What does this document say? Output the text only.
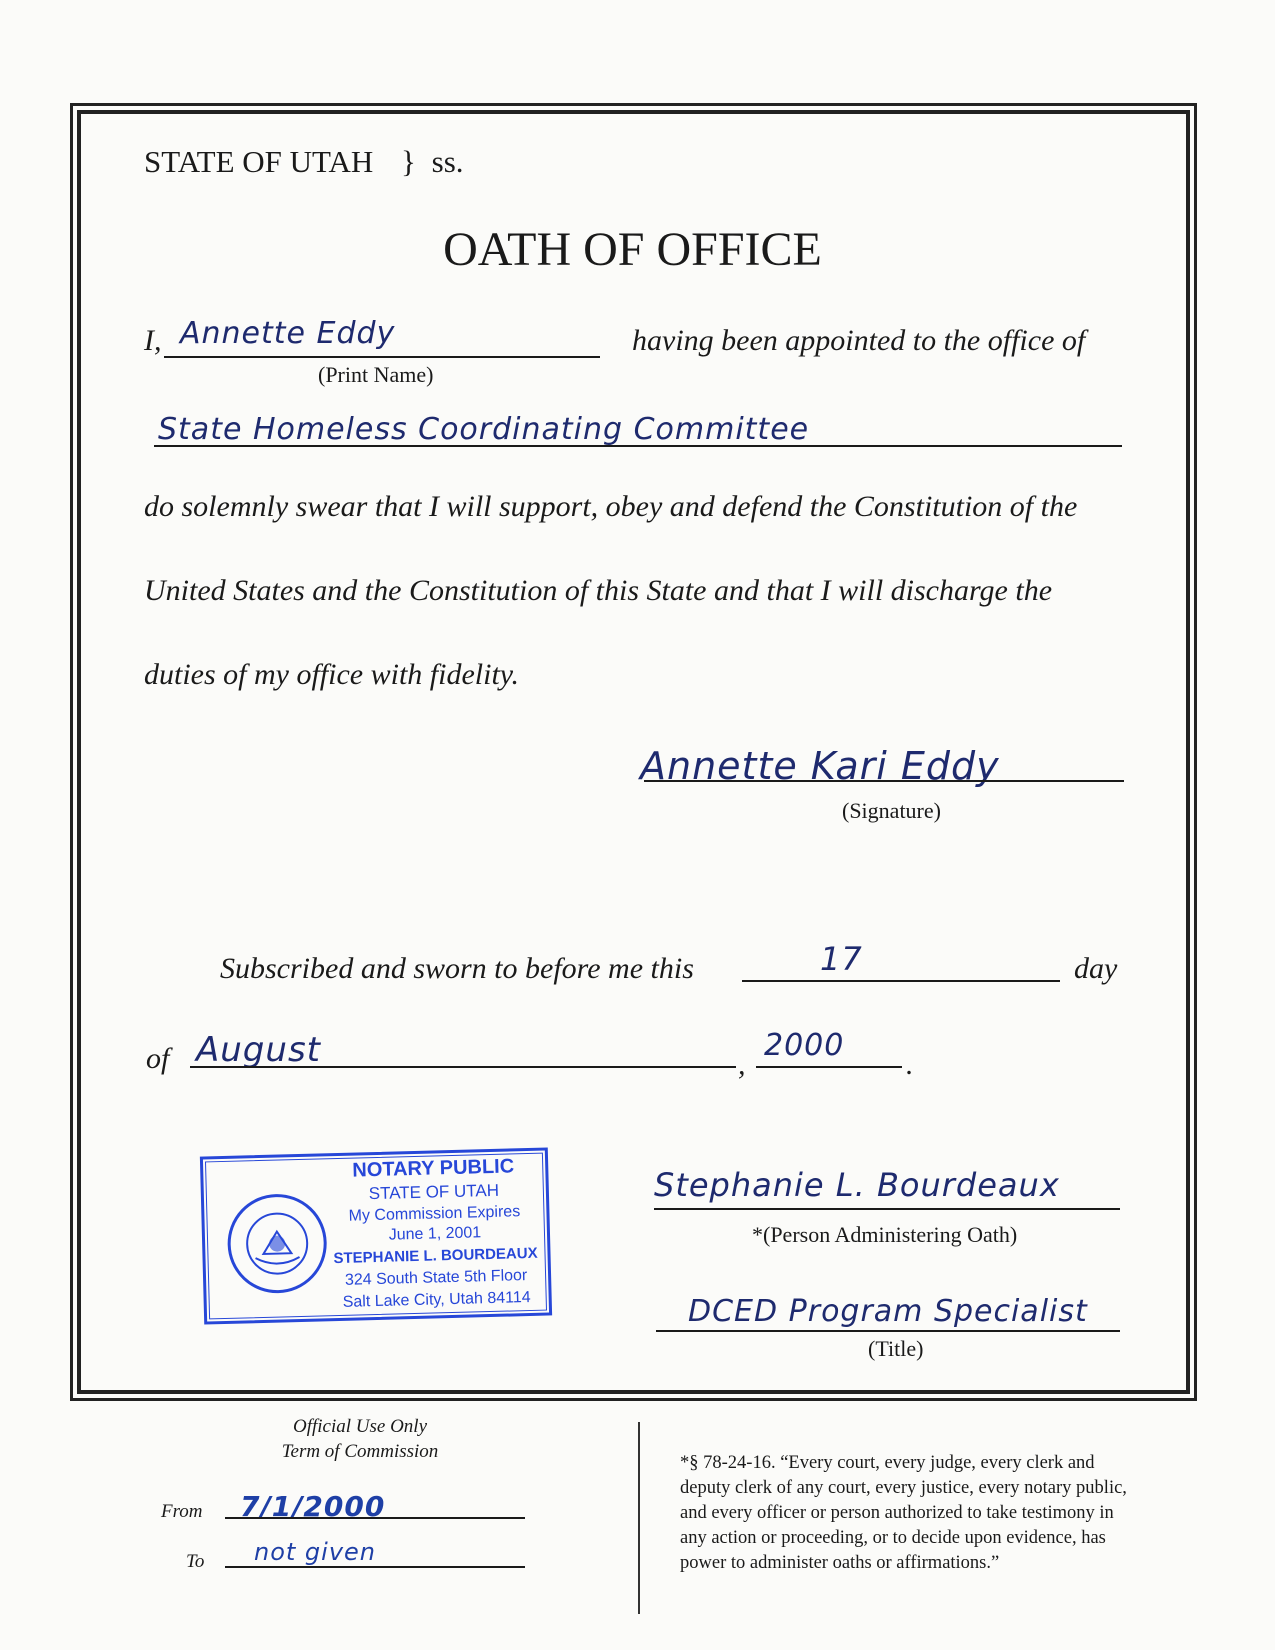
STATE OF UTAH } ss.
OATH OF OFFICE
I, Annette Eddy
(Print Name)
having been appointed to the office of
State Homeless Coordinating Committee
do solemnly swear that I will support, obey and defend the Constitution of the
United States and the Constitution of this State and that I will discharge the
duties of my office with fidelity.
Annette Kari Eddy
(Signature)
Subscribed and sworn to before me this	17	day
of August	,
2000
.
NOTARY PUBLIC
STATE OF UTAH
My Commission Expires
June 1, 2001
STEPHANIE L. BOURDEAUX
324 South State 5th Floor
Salt Lake City, Utah 84114
Stephanie L. Bourdeaux
*(Person Administering Oath)
DCED Program Specialist
(Title)
Official Use Only
Term of Commission
From 7/1/2000
To not given
*§ 78-24-16. “Every court, every judge, every clerk and
deputy clerk of any court, every justice, every notary public,
and every officer or person authorized to take testimony in
any action or proceeding, or to decide upon evidence, has
power to administer oaths or affirmations.”
